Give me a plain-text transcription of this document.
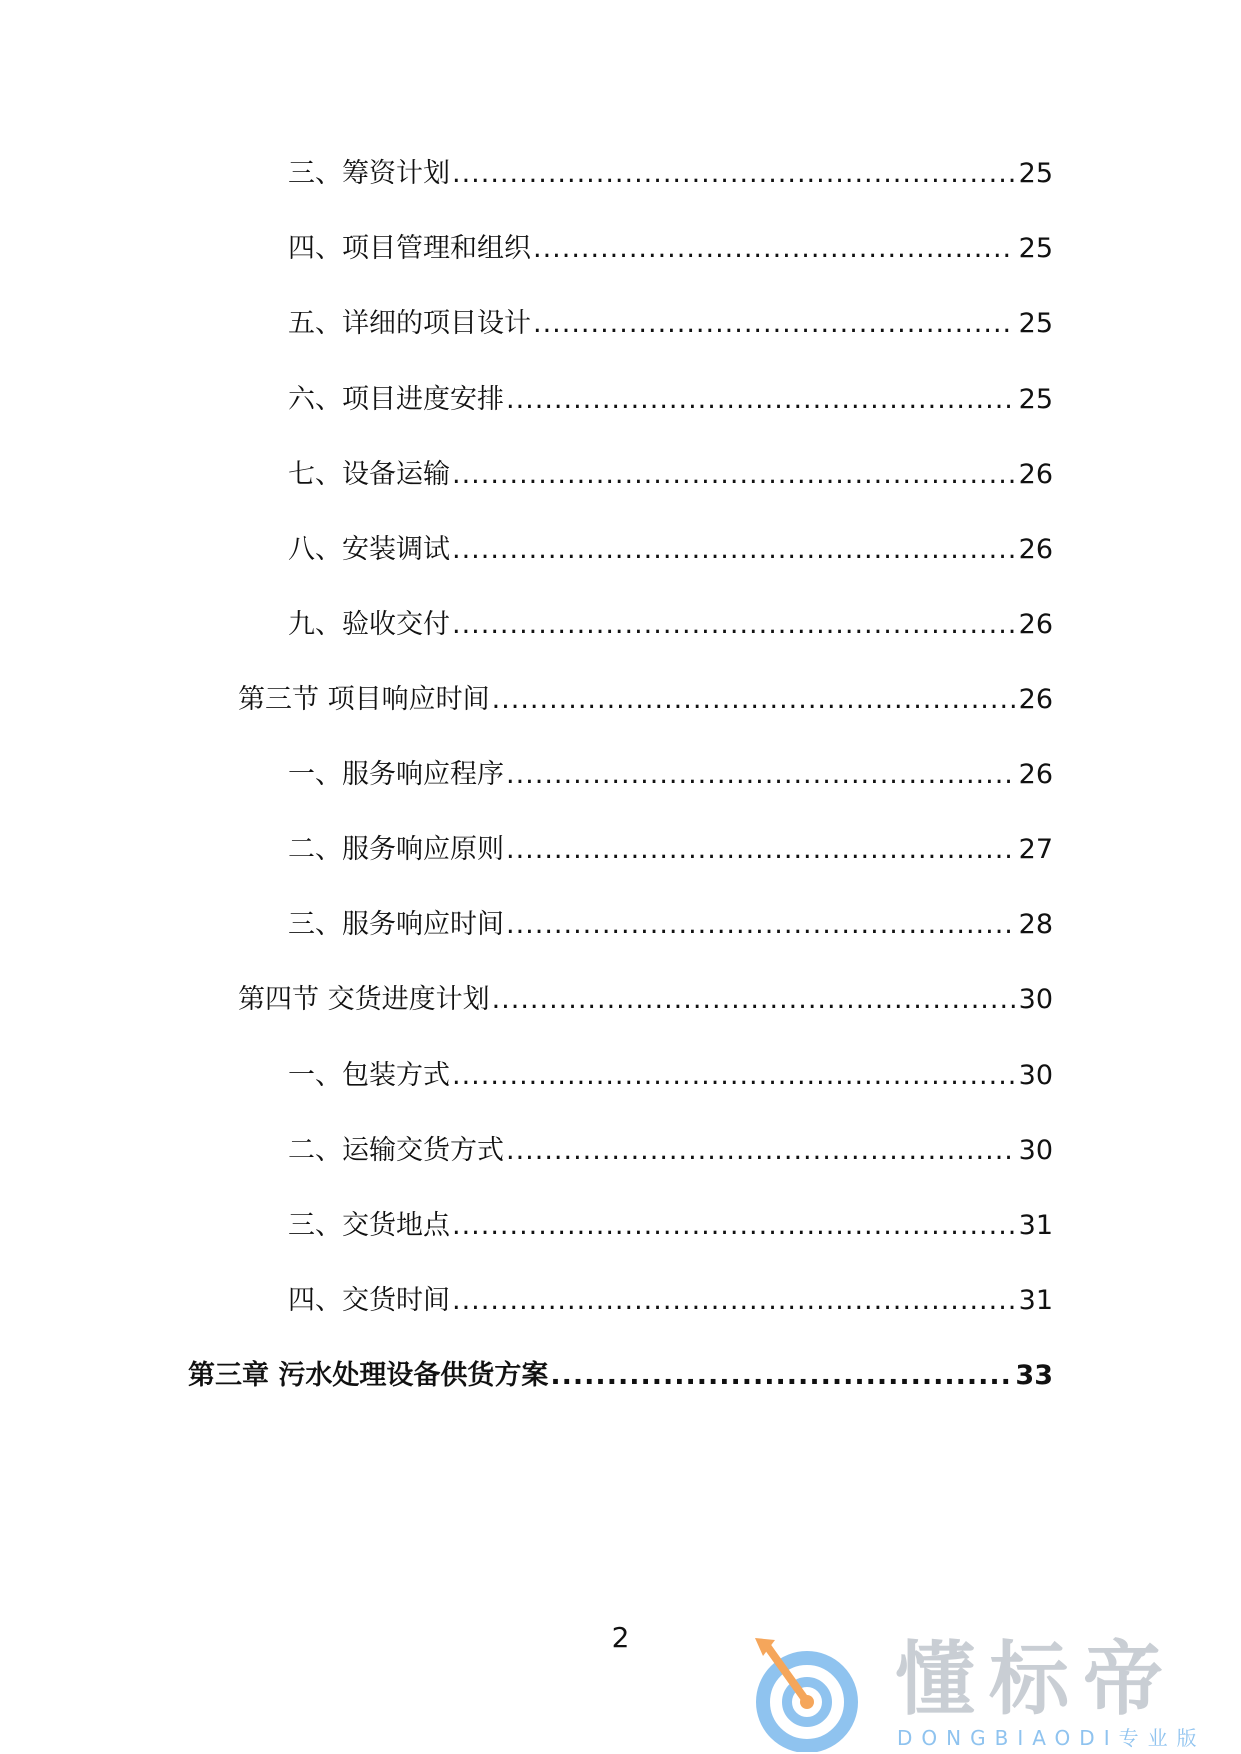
三、筹资计划 .....	25
四、项目管理和组织 .....	25
五、详细的项目设计 .....	25
六、项目进度安排 .....	25
七、设备运输 .....	26
八、安装调试 .....	26
九、验收交付 .....	26
第三节 项目响应时间 .....	26
一、服务响应程序 .....	26
二、服务响应原则 .....	27
三、服务响应时间 .....	28
第四节 交货进度计划 .....	30
一、包装方式 .....	30
二、运输交货方式 .....	30
三、交货地点 .....	31
四、交货时间 .....	31
第三章 污水处理设备供货方案 .....	33
2	懂标帝
DONGBIAODI专业版
